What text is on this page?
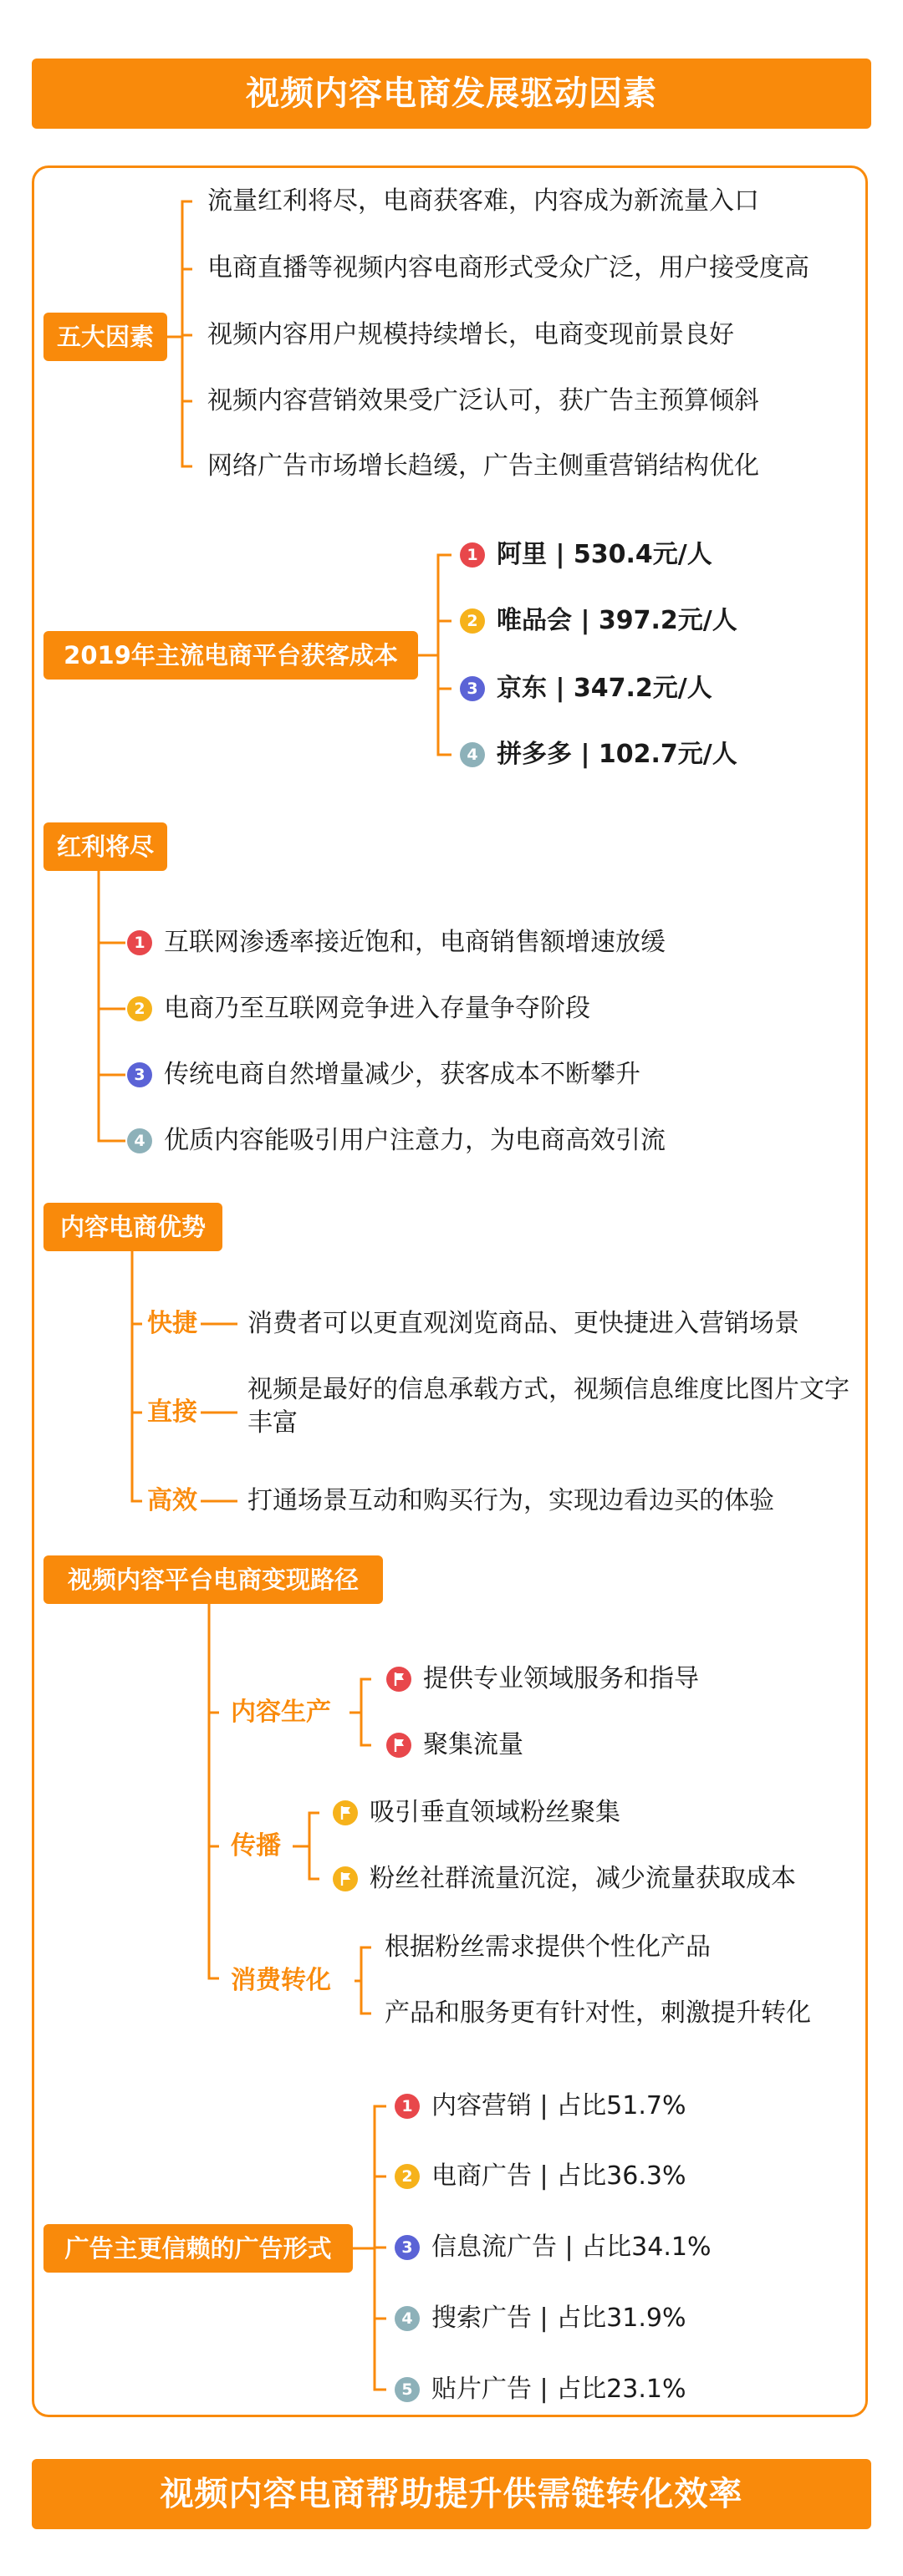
视频内容电商发展驱动因素
视频内容电商帮助提升供需链转化效率
五大因素
流量红利将尽，电商获客难，内容成为新流量入口
电商直播等视频内容电商形式受众广泛，用户接受度高
视频内容用户规模持续增长，电商变现前景良好
视频内容营销效果受广泛认可，获广告主预算倾斜
网络广告市场增长趋缓，广告主侧重营销结构优化
2019年主流电商平台获客成本
1 阿里 | 530.4元/人
2 唯品会 | 397.2元/人
3 京东 | 347.2元/人
4 拼多多 | 102.7元/人
红利将尽
1 互联网渗透率接近饱和，电商销售额增速放缓
2 电商乃至互联网竞争进入存量争夺阶段
3 传统电商自然增量减少，获客成本不断攀升
4 优质内容能吸引用户注意力，为电商高效引流
内容电商优势
快捷 消费者可以更直观浏览商品、更快捷进入营销场景
直接
视频是最好的信息承载方式，视频信息维度比图片文字丰富
高效 打通场景互动和购买行为，实现边看边买的体验
视频内容平台电商变现路径
内容生产
提供专业领域服务和指导
聚集流量
传播
吸引垂直领域粉丝聚集
粉丝社群流量沉淀，减少流量获取成本
消费转化
根据粉丝需求提供个性化产品
产品和服务更有针对性，刺激提升转化
广告主更信赖的广告形式
1 内容营销 | 占比51.7%
2 电商广告 | 占比36.3%
3 信息流广告 | 占比34.1%
4 搜索广告 | 占比31.9%
5 贴片广告 | 占比23.1%
